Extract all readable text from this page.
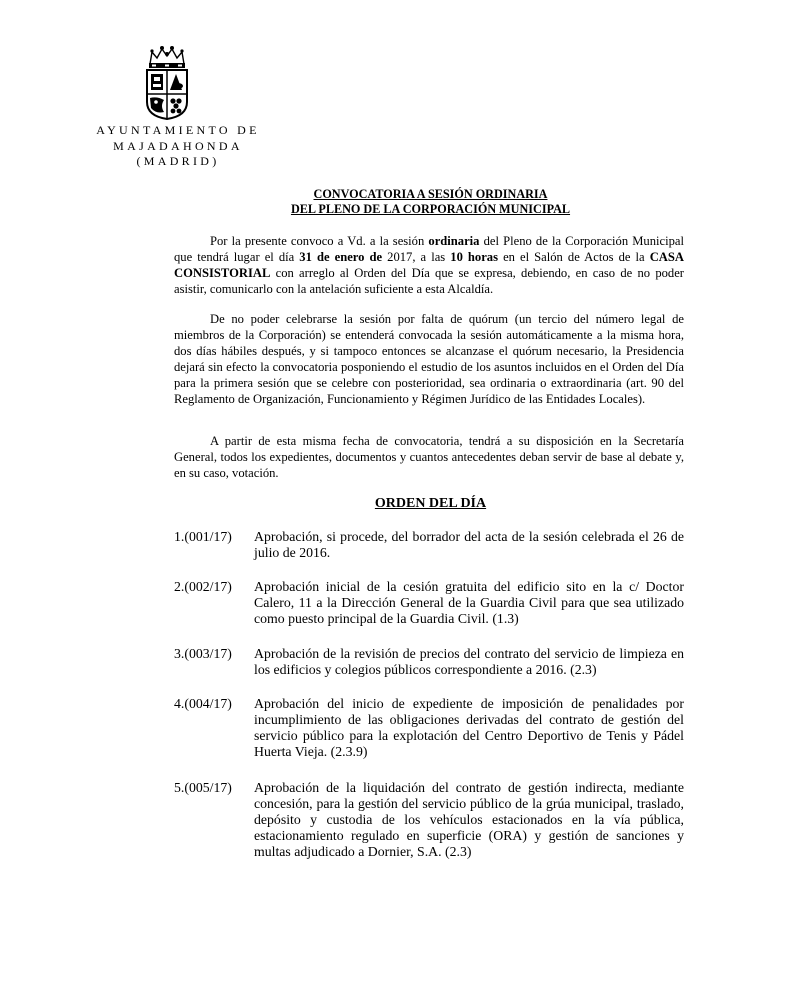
AYUNTAMIENTO DE
MAJADAHONDA
(MADRID)
CONVOCATORIA A SESIÓN ORDINARIA
DEL PLENO DE LA CORPORACIÓN MUNICIPAL
Por la presente convoco a Vd. a la sesión ordinaria del Pleno de la Corporación Municipal que tendrá lugar el día 31 de enero de 2017, a las 10 horas en el Salón de Actos de la CASA CONSISTORIAL con arreglo al Orden del Día que se expresa, debiendo, en caso de no poder asistir, comunicarlo con la antelación suficiente a esta Alcaldía.
De no poder celebrarse la sesión por falta de quórum (un tercio del número legal de miembros de la Corporación) se entenderá convocada la sesión automáticamente a la misma hora, dos días hábiles después, y si tampoco entonces se alcanzase el quórum necesario, la Presidencia dejará sin efecto la convocatoria posponiendo el estudio de los asuntos incluidos en el Orden del Día para la primera sesión que se celebre con posterioridad, sea ordinaria o extraordinaria (art. 90 del Reglamento de Organización, Funcionamiento y Régimen Jurídico de las Entidades Locales).
A partir de esta misma fecha de convocatoria, tendrá a su disposición en la Secretaría General, todos los expedientes, documentos y cuantos antecedentes deban servir de base al debate y, en su caso, votación.
ORDEN DEL DÍA
1.(001/17) Aprobación, si procede, del borrador del acta de la sesión celebrada el 26 de julio de 2016.
2.(002/17) Aprobación inicial de la cesión gratuita del edificio sito en la c/ Doctor Calero, 11 a la Dirección General de la Guardia Civil para que sea utilizado como puesto principal de la Guardia Civil. (1.3)
3.(003/17) Aprobación de la revisión de precios del contrato del servicio de limpieza en los edificios y colegios públicos correspondiente a 2016. (2.3)
4.(004/17) Aprobación del inicio de expediente de imposición de penalidades por incumplimiento de las obligaciones derivadas del contrato de gestión del servicio público para la explotación del Centro Deportivo de Tenis y Pádel Huerta Vieja. (2.3.9)
5.(005/17) Aprobación de la liquidación del contrato de gestión indirecta, mediante concesión, para la gestión del servicio público de la grúa municipal, traslado, depósito y custodia de los vehículos estacionados en la vía pública, estacionamiento regulado en superficie (ORA) y gestión de sanciones y multas adjudicado a Dornier, S.A. (2.3)
